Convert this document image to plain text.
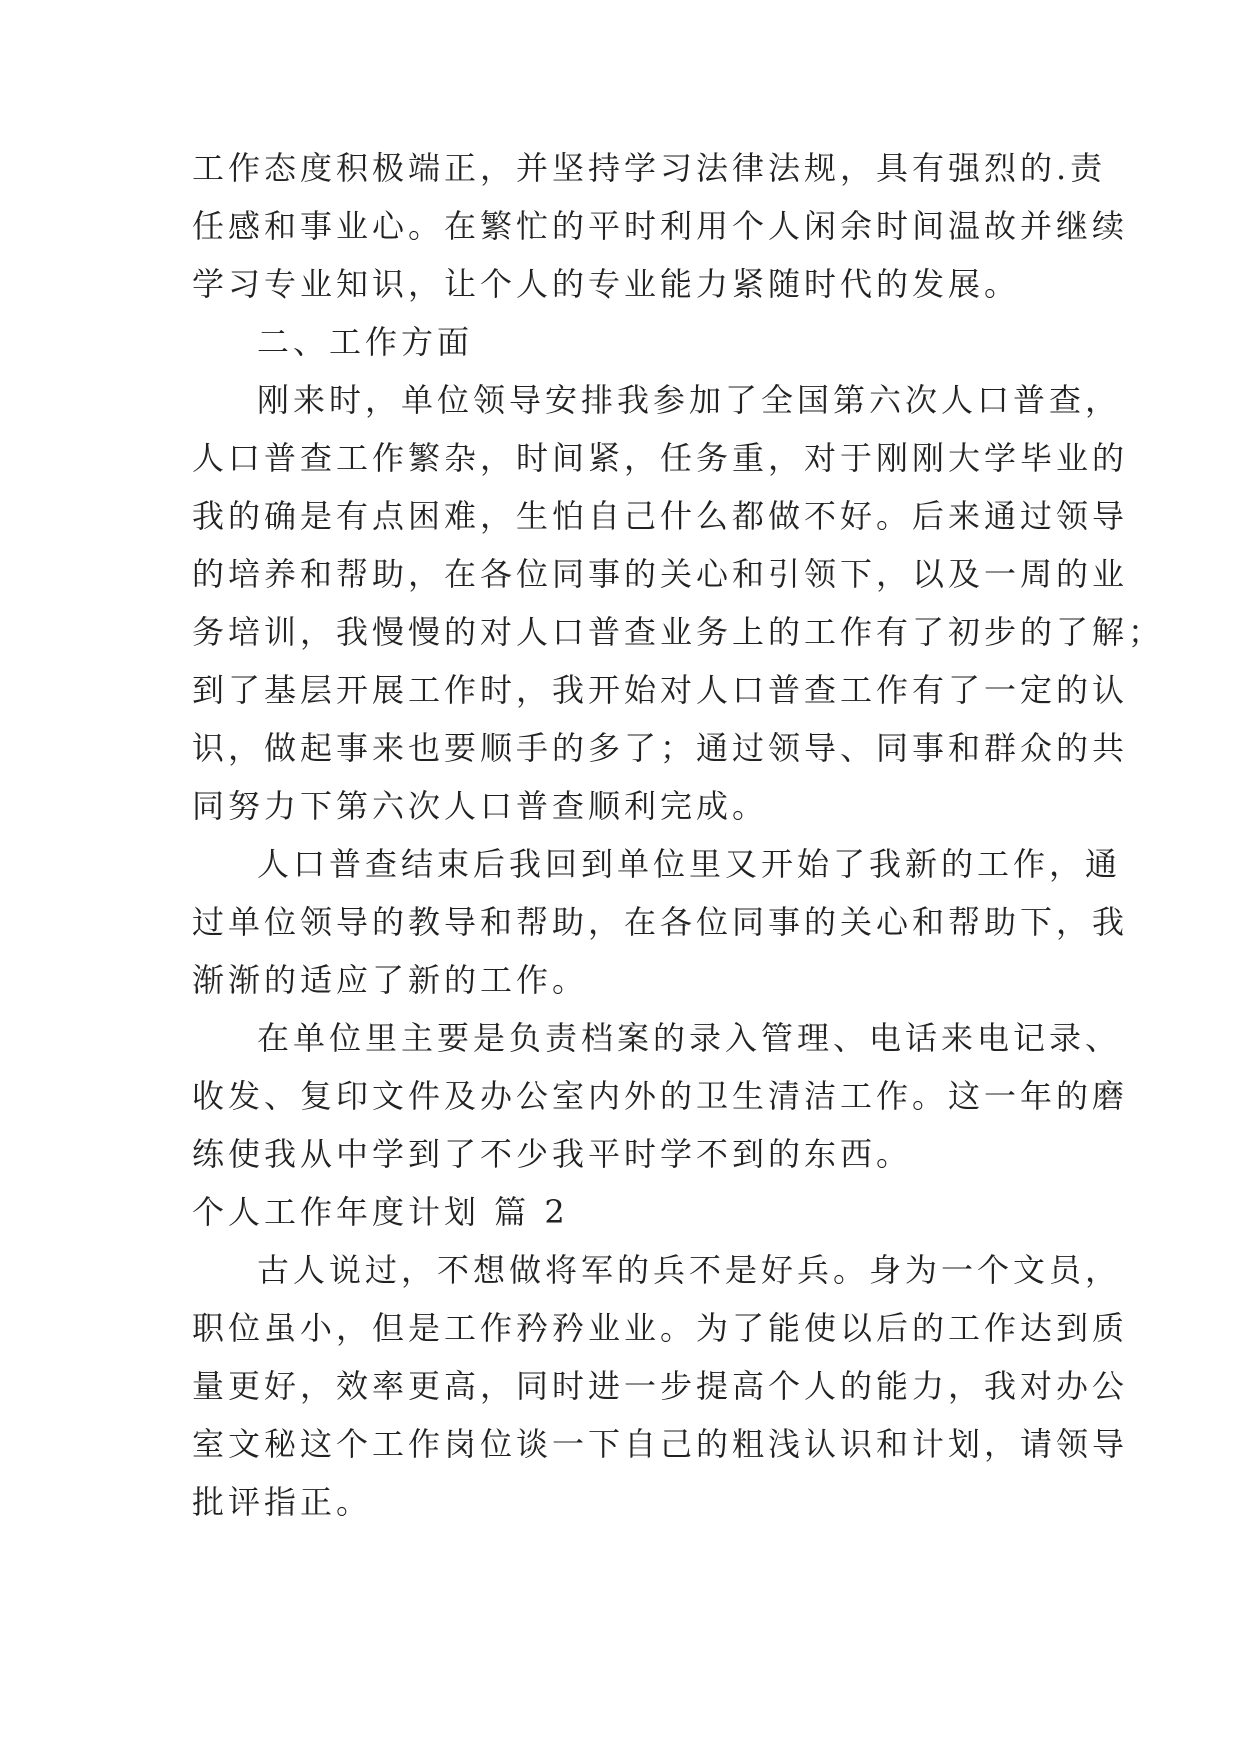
工作态度积极端正，并坚持学习法律法规，具有强烈的.责

任感和事业心。在繁忙的平时利用个人闲余时间温故并继续

学习专业知识，让个人的专业能力紧随时代的发展。

二、工作方面

刚来时，单位领导安排我参加了全国第六次人口普查，

人口普查工作繁杂，时间紧，任务重，对于刚刚大学毕业的

我的确是有点困难，生怕自己什么都做不好。后来通过领导

的培养和帮助，在各位同事的关心和引领下，以及一周的业

务培训，我慢慢的对人口普查业务上的工作有了初步的了解；

到了基层开展工作时，我开始对人口普查工作有了一定的认

识，做起事来也要顺手的多了；通过领导、同事和群众的共

同努力下第六次人口普查顺利完成。

人口普查结束后我回到单位里又开始了我新的工作，通

过单位领导的教导和帮助，在各位同事的关心和帮助下，我

渐渐的适应了新的工作。

在单位里主要是负责档案的录入管理、电话来电记录、

收发、复印文件及办公室内外的卫生清洁工作。这一年的磨

练使我从中学到了不少我平时学不到的东西。

个人工作年度计划 篇 2

古人说过，不想做将军的兵不是好兵。身为一个文员，

职位虽小，但是工作矜矜业业。为了能使以后的工作达到质

量更好，效率更高，同时进一步提高个人的能力，我对办公

室文秘这个工作岗位谈一下自己的粗浅认识和计划，请领导

批评指正。
